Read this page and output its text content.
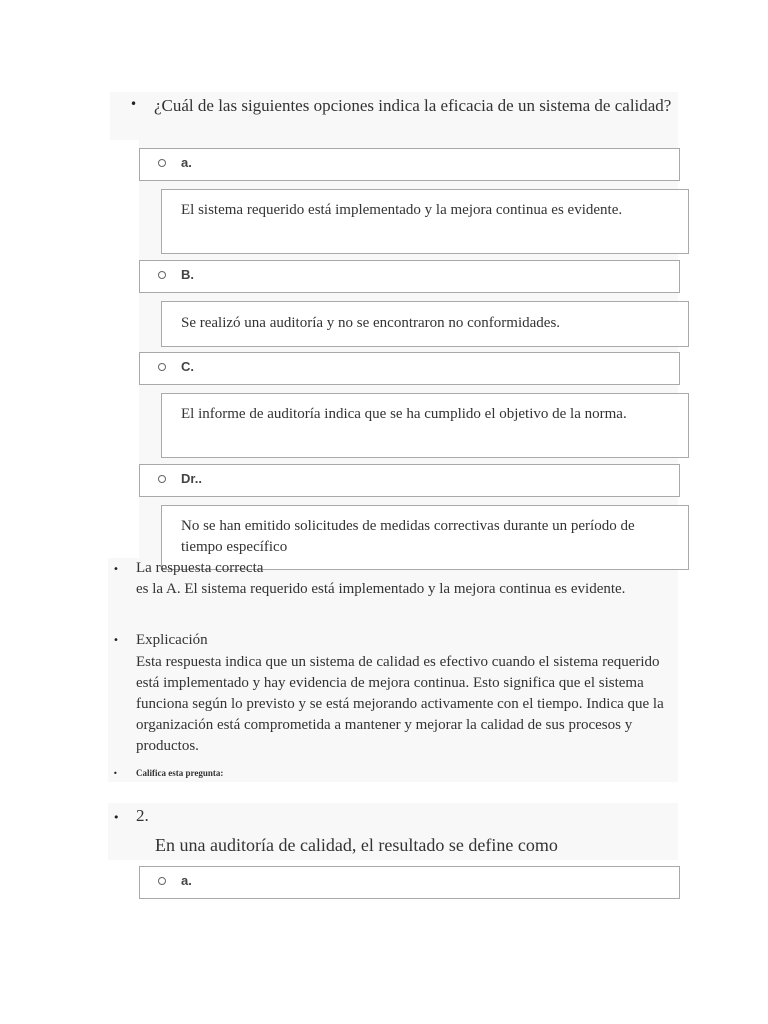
• ¿Cuál de las siguientes opciones indica la eficacia de un sistema de calidad?
a.
El sistema requerido está implementado y la mejora continua es evidente.
B.
Se realizó una auditoría y no se encontraron no conformidades.
C.
El informe de auditoría indica que se ha cumplido el objetivo de la norma.
Dr..
No se han emitido solicitudes de medidas correctivas durante un período de tiempo específico
• La respuesta correcta
es la A. El sistema requerido está implementado y la mejora continua es evidente.
• Explicación
Esta respuesta indica que un sistema de calidad es efectivo cuando el sistema requerido está implementado y hay evidencia de mejora continua. Esto significa que el sistema funciona según lo previsto y se está mejorando activamente con el tiempo. Indica que la organización está comprometida a mantener y mejorar la calidad de sus procesos y productos.
• Califica esta pregunta:
• 2.
En una auditoría de calidad, el resultado se define como
a.
